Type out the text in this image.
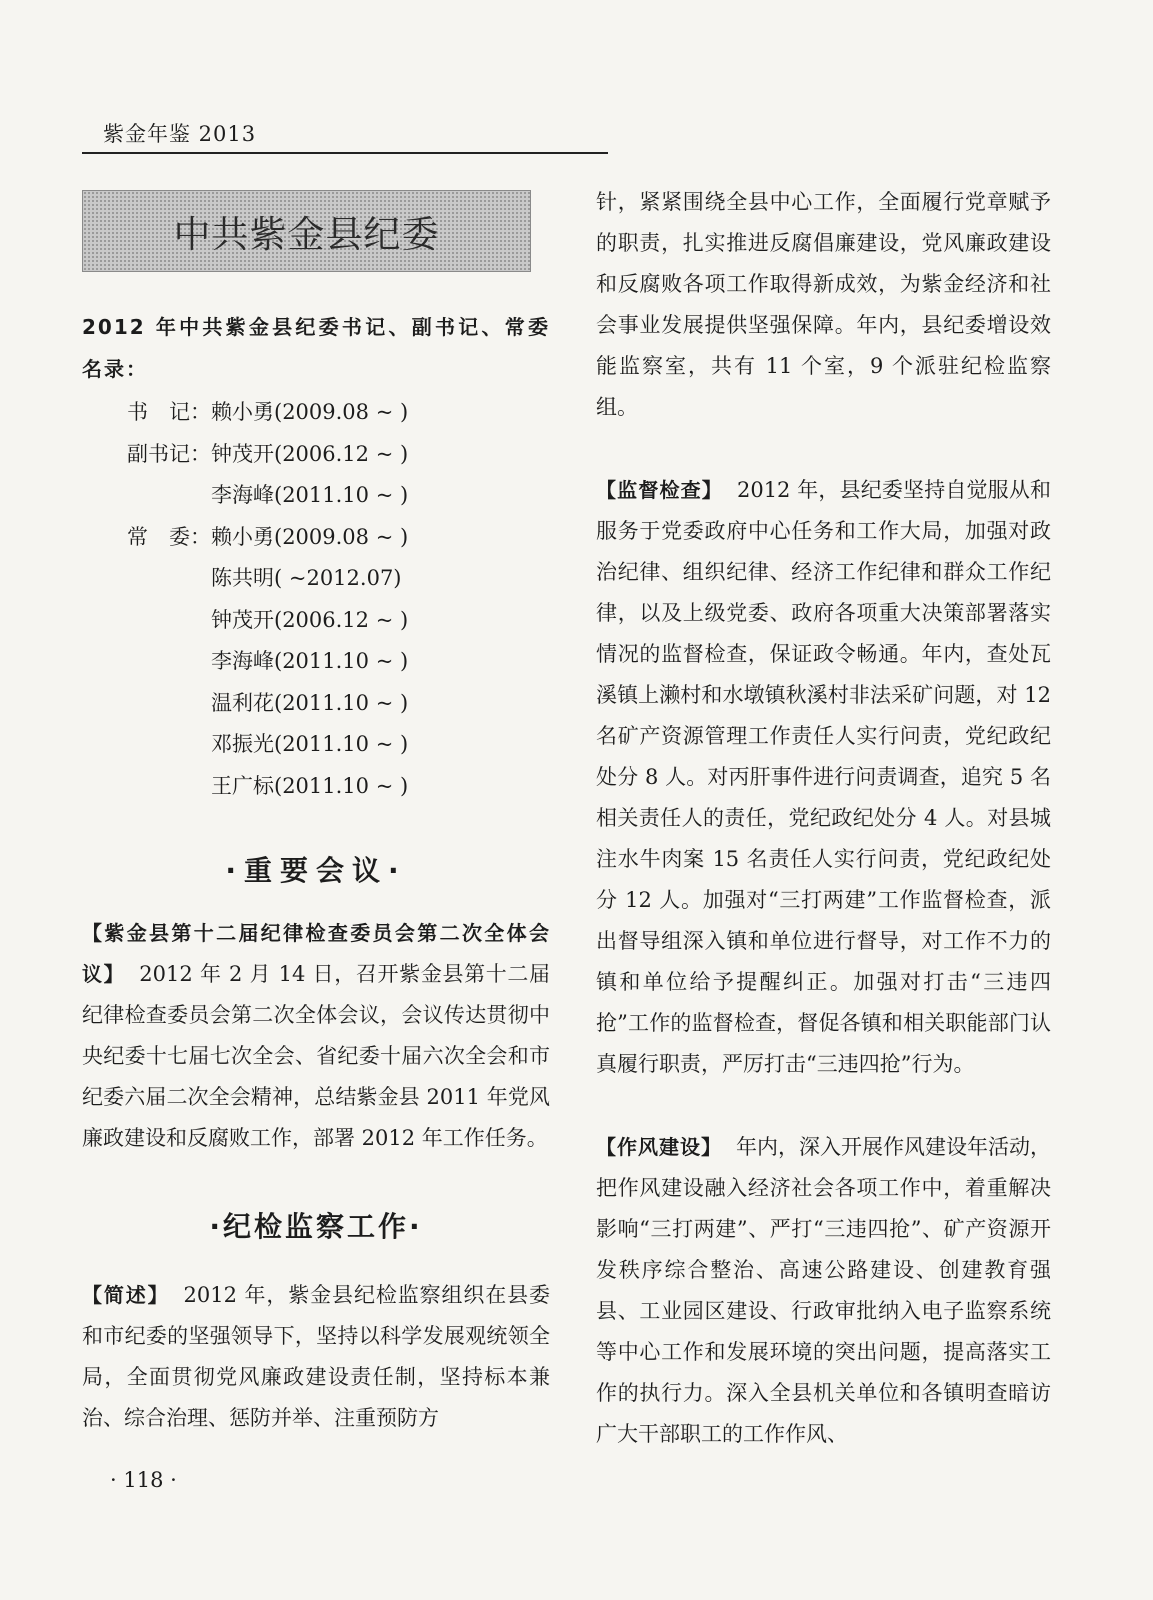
紫金年鉴 2013
中共紫金县纪委
2012 年中共紫金县纪委书记、副书记、常委名录：
书　记：赖小勇(2009.08 ~ )
副书记：钟茂开(2006.12 ~ )
李海峰(2011.10 ~ )
常　委：赖小勇(2009.08 ~ )
陈共明( ~2012.07)
钟茂开(2006.12 ~ )
李海峰(2011.10 ~ )
温利花(2011.10 ~ )
邓振光(2011.10 ~ )
王广标(2011.10 ~ )
·重要会议·

【紫金县第十二届纪律检查委员会第二次全体会议】 2012 年 2 月 14 日，召开紫金县第十二届纪律检查委员会第二次全体会议，会议传达贯彻中央纪委十七届七次全会、省纪委十届六次全会和市纪委六届二次全会精神，总结紫金县 2011 年党风廉政建设和反腐败工作，部署 2012 年工作任务。

·纪检监察工作·

【简述】 2012 年，紫金县纪检监察组织在县委和市纪委的坚强领导下，坚持以科学发展观统领全局，全面贯彻党风廉政建设责任制，坚持标本兼治、综合治理、惩防并举、注重预防方

针，紧紧围绕全县中心工作，全面履行党章赋予的职责，扎实推进反腐倡廉建设，党风廉政建设和反腐败各项工作取得新成效，为紫金经济和社会事业发展提供坚强保障。年内，县纪委增设效能监察室，共有 11 个室，9 个派驻纪检监察组。

【监督检查】 2012 年，县纪委坚持自觉服从和服务于党委政府中心任务和工作大局，加强对政治纪律、组织纪律、经济工作纪律和群众工作纪律，以及上级党委、政府各项重大决策部署落实情况的监督检查，保证政令畅通。年内，查处瓦溪镇上濑村和水墩镇秋溪村非法采矿问题，对 12 名矿产资源管理工作责任人实行问责，党纪政纪处分 8 人。对丙肝事件进行问责调查，追究 5 名相关责任人的责任，党纪政纪处分 4 人。对县城注水牛肉案 15 名责任人实行问责，党纪政纪处分 12 人。加强对“三打两建”工作监督检查，派出督导组深入镇和单位进行督导，对工作不力的镇和单位给予提醒纠正。加强对打击“三违四抢”工作的监督检查，督促各镇和相关职能部门认真履行职责，严厉打击“三违四抢”行为。

【作风建设】 年内，深入开展作风建设年活动，把作风建设融入经济社会各项工作中，着重解决影响“三打两建”、严打“三违四抢”、矿产资源开发秩序综合整治、高速公路建设、创建教育强县、工业园区建设、行政审批纳入电子监察系统等中心工作和发展环境的突出问题，提高落实工作的执行力。深入全县机关单位和各镇明查暗访广大干部职工的工作作风、

· 118 ·
